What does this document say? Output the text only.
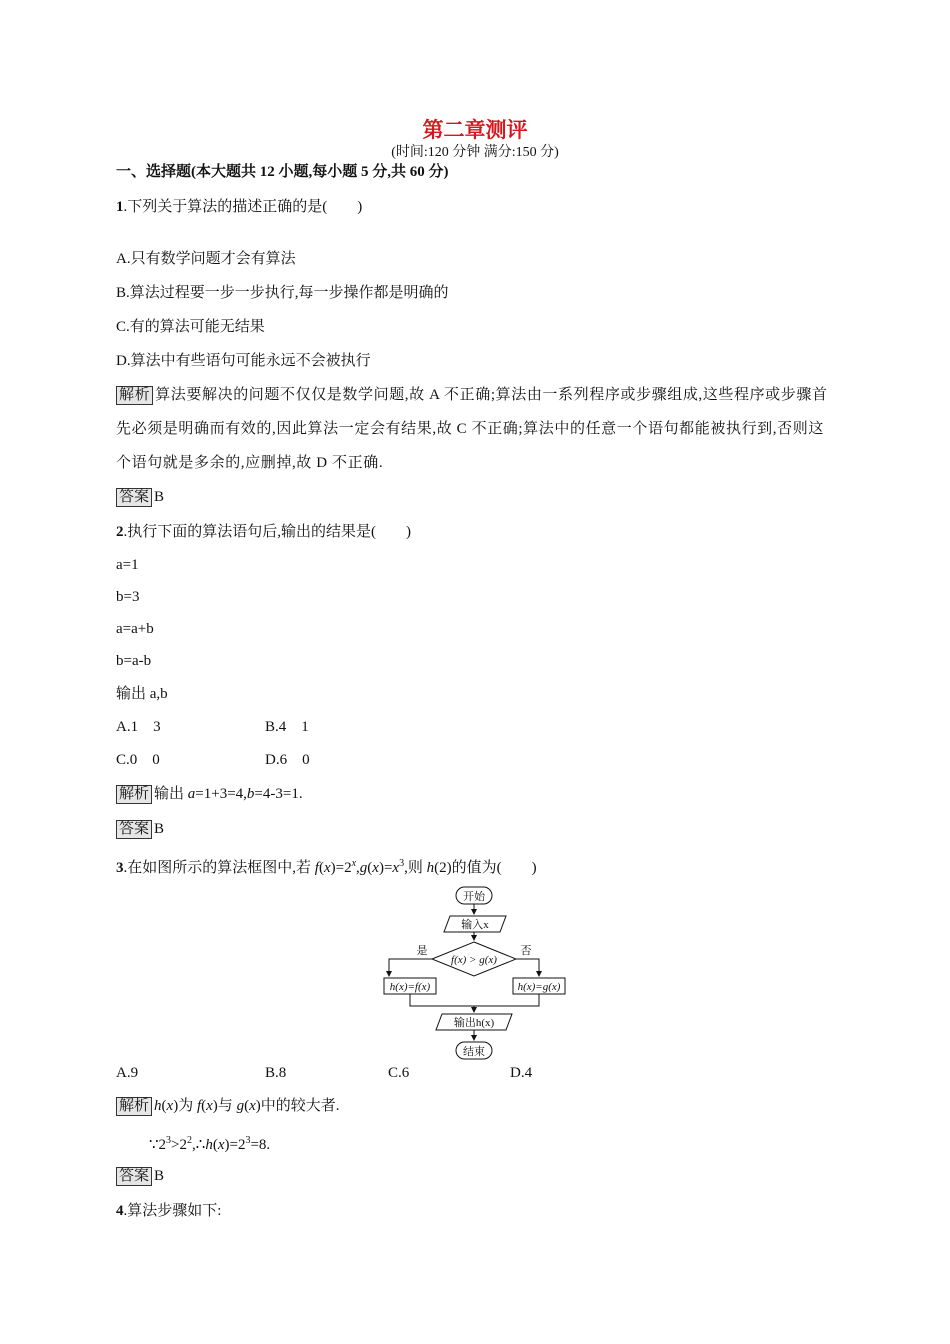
第二章测评
(时间:120 分钟 满分:150 分)
一、选择题(本大题共 12 小题,每小题 5 分,共 60 分)
1.下列关于算法的描述正确的是(　　)
A.只有数学问题才会有算法
B.算法过程要一步一步执行,每一步操作都是明确的
C.有的算法可能无结果
D.算法中有些语句可能永远不会被执行
解析 算法要解决的问题不仅仅是数学问题,故 A 不正确;算法由一系列程序或步骤组成,这些程序或步骤首先必须是明确而有效的,因此算法一定会有结果,故 C 不正确;算法中的任意一个语句都能被执行到,否则这个语句就是多余的,应删掉,故 D 不正确.
答案 B
2.执行下面的算法语句后,输出的结果是(　　)
a=1
b=3
a=a+b
b=a-b
输出 a,b
A.1　3	B.4　1
C.0　0	D.6　0
解析 输出 a=1+3=4,b=4-3=1.
答案 B
3.在如图所示的算法框图中,若 $f(x)=2^x,g(x)=x^3$,则 h(2)的值为(　　)
开始
输入x
f(x) > g(x)
是	否
h(x)=f(x)	h(x)=g(x)
输出h(x)
结束
A.9	B.8	C.6	D.4
解析 h(x)为 f(x)与 g(x)中的较大者.
$\because 2^3>2^2,\therefore h(x)=2^3=8$.
答案 B
4.算法步骤如下:
